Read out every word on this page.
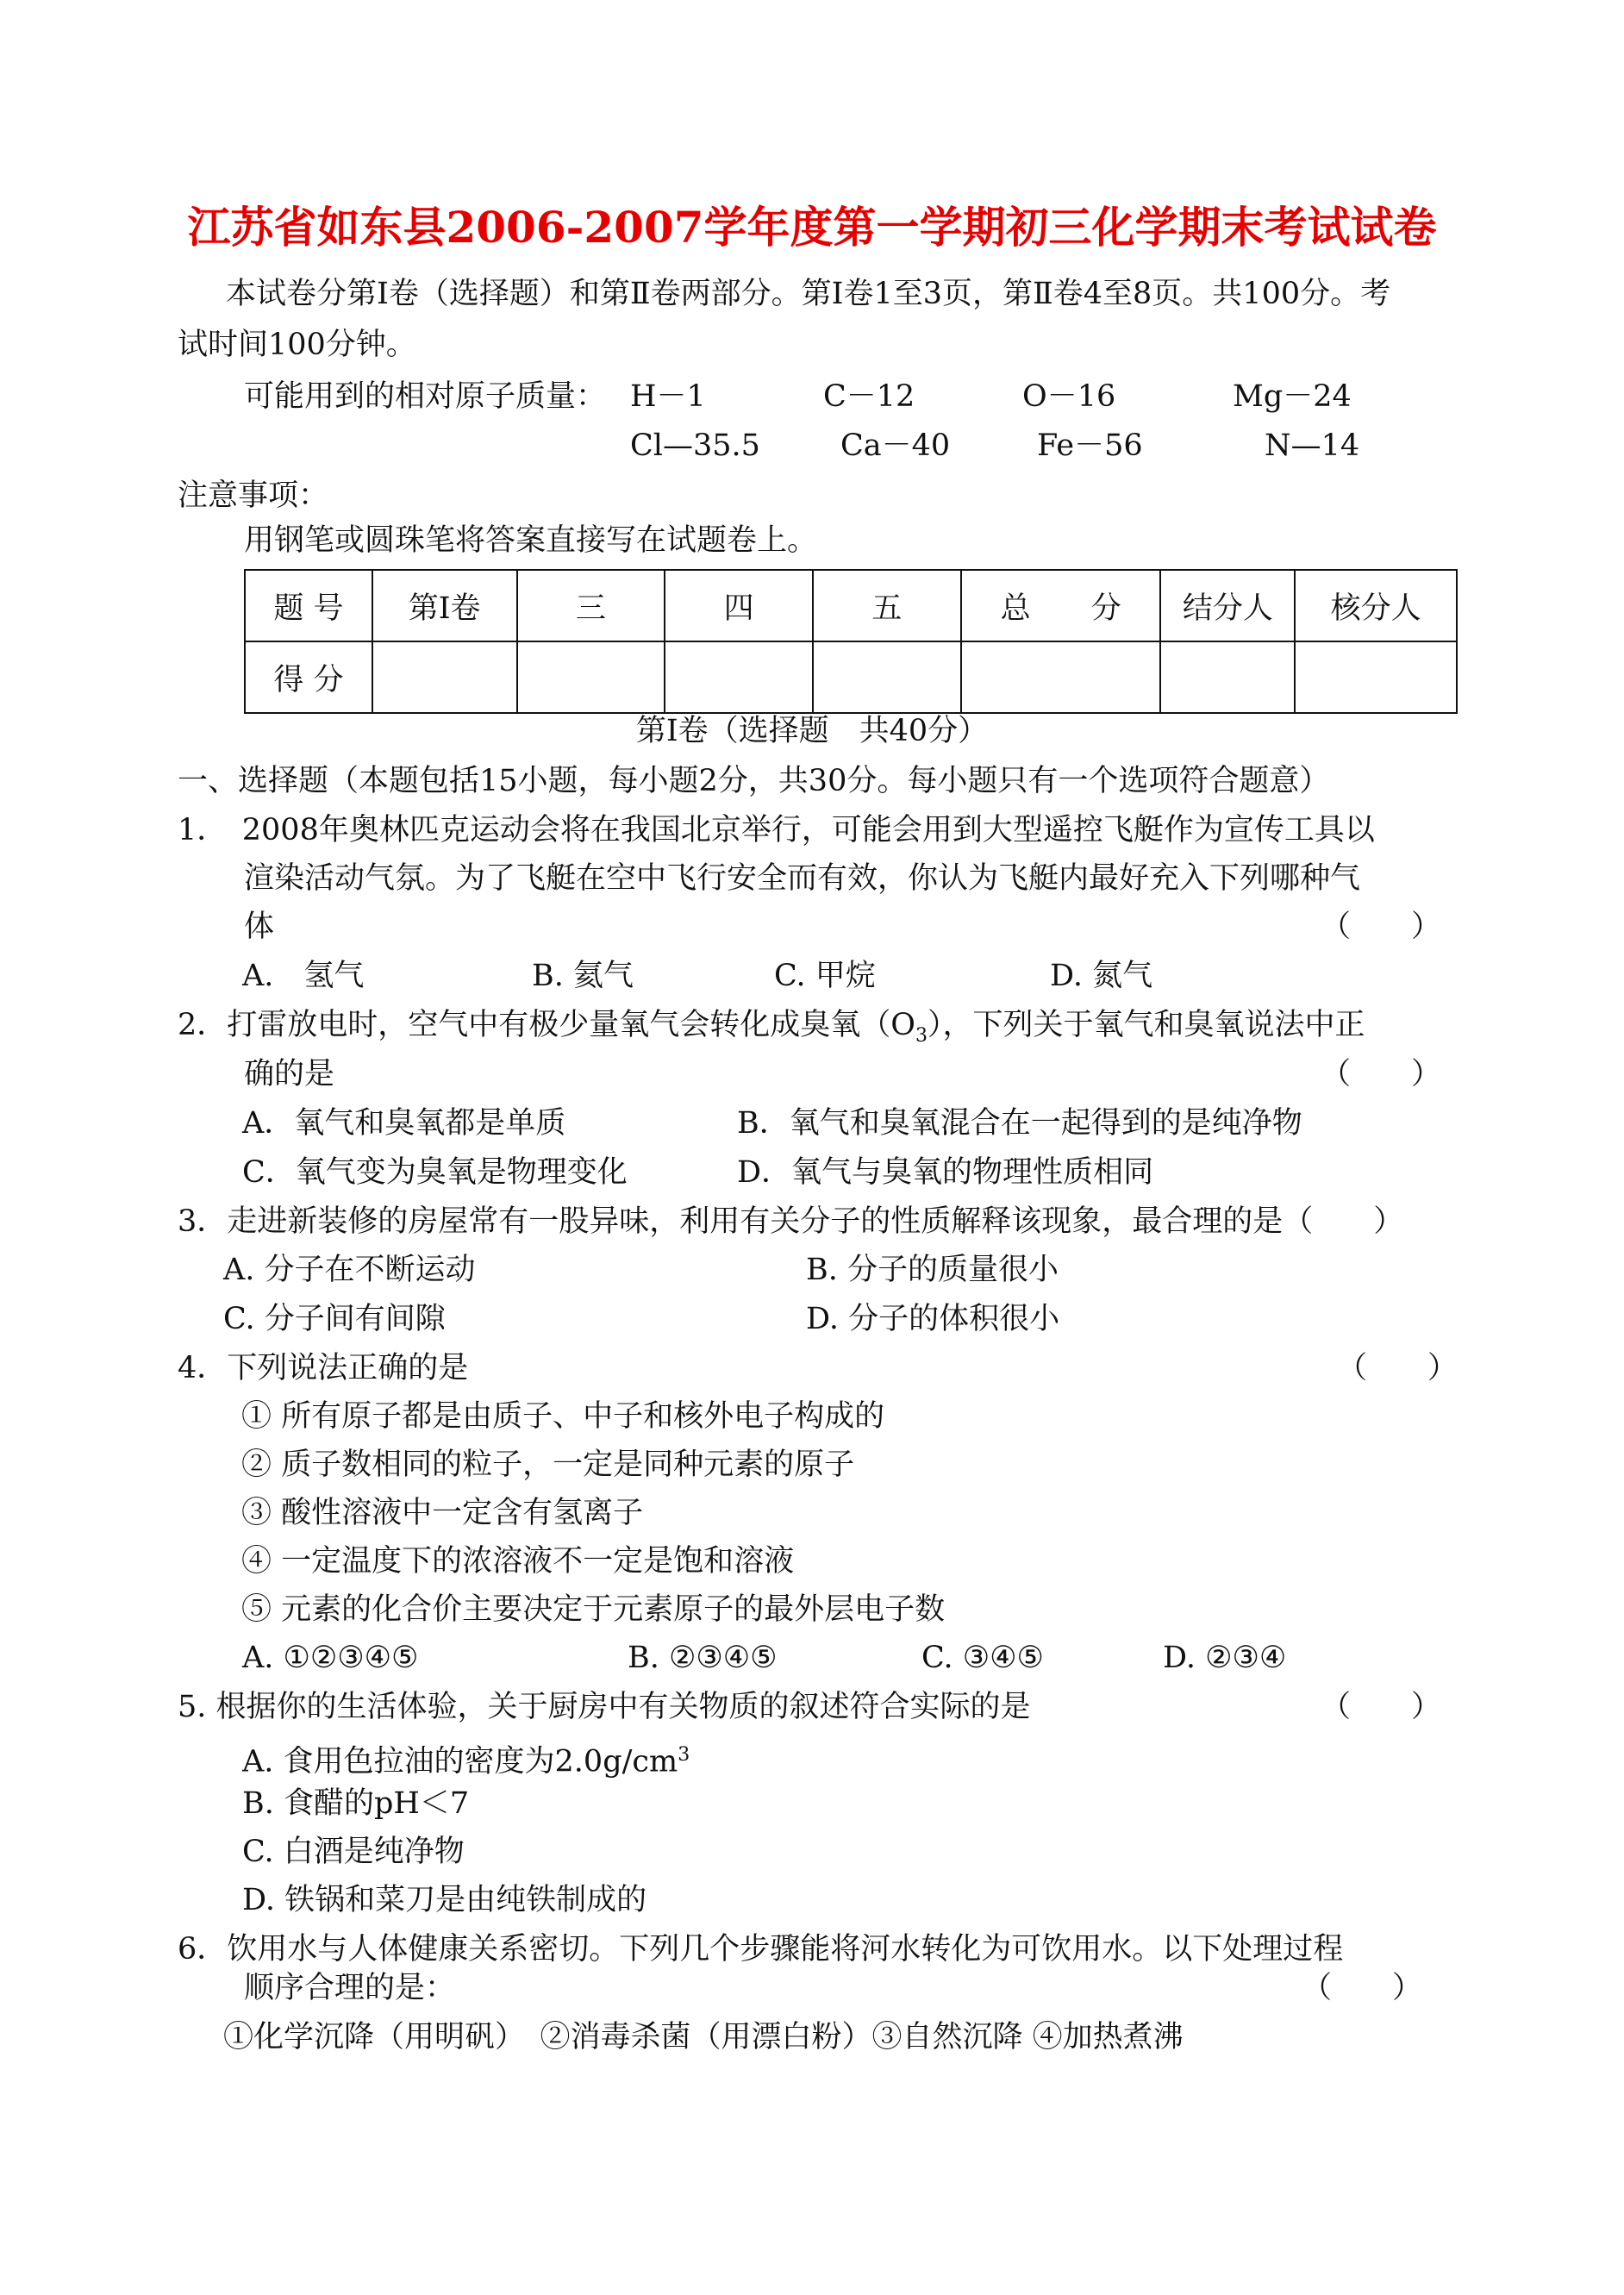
江苏省如东县2006-2007学年度第一学期初三化学期末考试试卷
本试卷分第Ⅰ卷（选择题）和第Ⅱ卷两部分。第Ⅰ卷1至3页，第Ⅱ卷4至8页。共100分。考
试时间100分钟。
可能用到的相对原子质量： H－1	C－12	O－16	Mg－24
Cl—35.5	Ca－40	Fe－56	N—14
注意事项：
用钢笔或圆珠笔将答案直接写在试题卷上。
题 号	第Ⅰ卷	三	四	五	总　　分	结分人	核分人
得 分							
第Ⅰ卷（选择题　共40分）
一、选择题（本题包括15小题，每小题2分，共30分。每小题只有一个选项符合题意）
1．　2008年奥林匹克运动会将在我国北京举行，可能会用到大型遥控飞艇作为宣传工具以
渲染活动气氛。为了飞艇在空中飞行安全而有效，你认为飞艇内最好充入下列哪种气
体	（　　）
A.　氢气	B. 氦气	C. 甲烷	D. 氮气
2．打雷放电时，空气中有极少量氧气会转化成臭氧$(O_3)$，下列关于氧气和臭氧说法中正
确的是	（　　）
A．氧气和臭氧都是单质	B．氧气和臭氧混合在一起得到的是纯净物
C．氧气变为臭氧是物理变化	D．氧气与臭氧的物理性质相同
3．走进新装修的房屋常有一股异味，利用有关分子的性质解释该现象，最合理的是（　　）
A. 分子在不断运动	B. 分子的质量很小
C. 分子间有间隙	D. 分子的体积很小
4．下列说法正确的是	（　　）
① 所有原子都是由质子、中子和核外电子构成的
② 质子数相同的粒子，一定是同种元素的原子
③ 酸性溶液中一定含有氢离子
④ 一定温度下的浓溶液不一定是饱和溶液
⑤ 元素的化合价主要决定于元素原子的最外层电子数
A. ①②③④⑤	B. ②③④⑤	C. ③④⑤	D. ②③④
5. 根据你的生活体验，关于厨房中有关物质的叙述符合实际的是	（　　）
A. 食用色拉油的密度为$2.0g/cm^3$
B. 食醋的pH＜7
C. 白酒是纯净物
D. 铁锅和菜刀是由纯铁制成的
6．饮用水与人体健康关系密切。下列几个步骤能将河水转化为可饮用水。以下处理过程
顺序合理的是：	（　　）
①化学沉降（用明矾）　②消毒杀菌（用漂白粉）③自然沉降 ④加热煮沸
